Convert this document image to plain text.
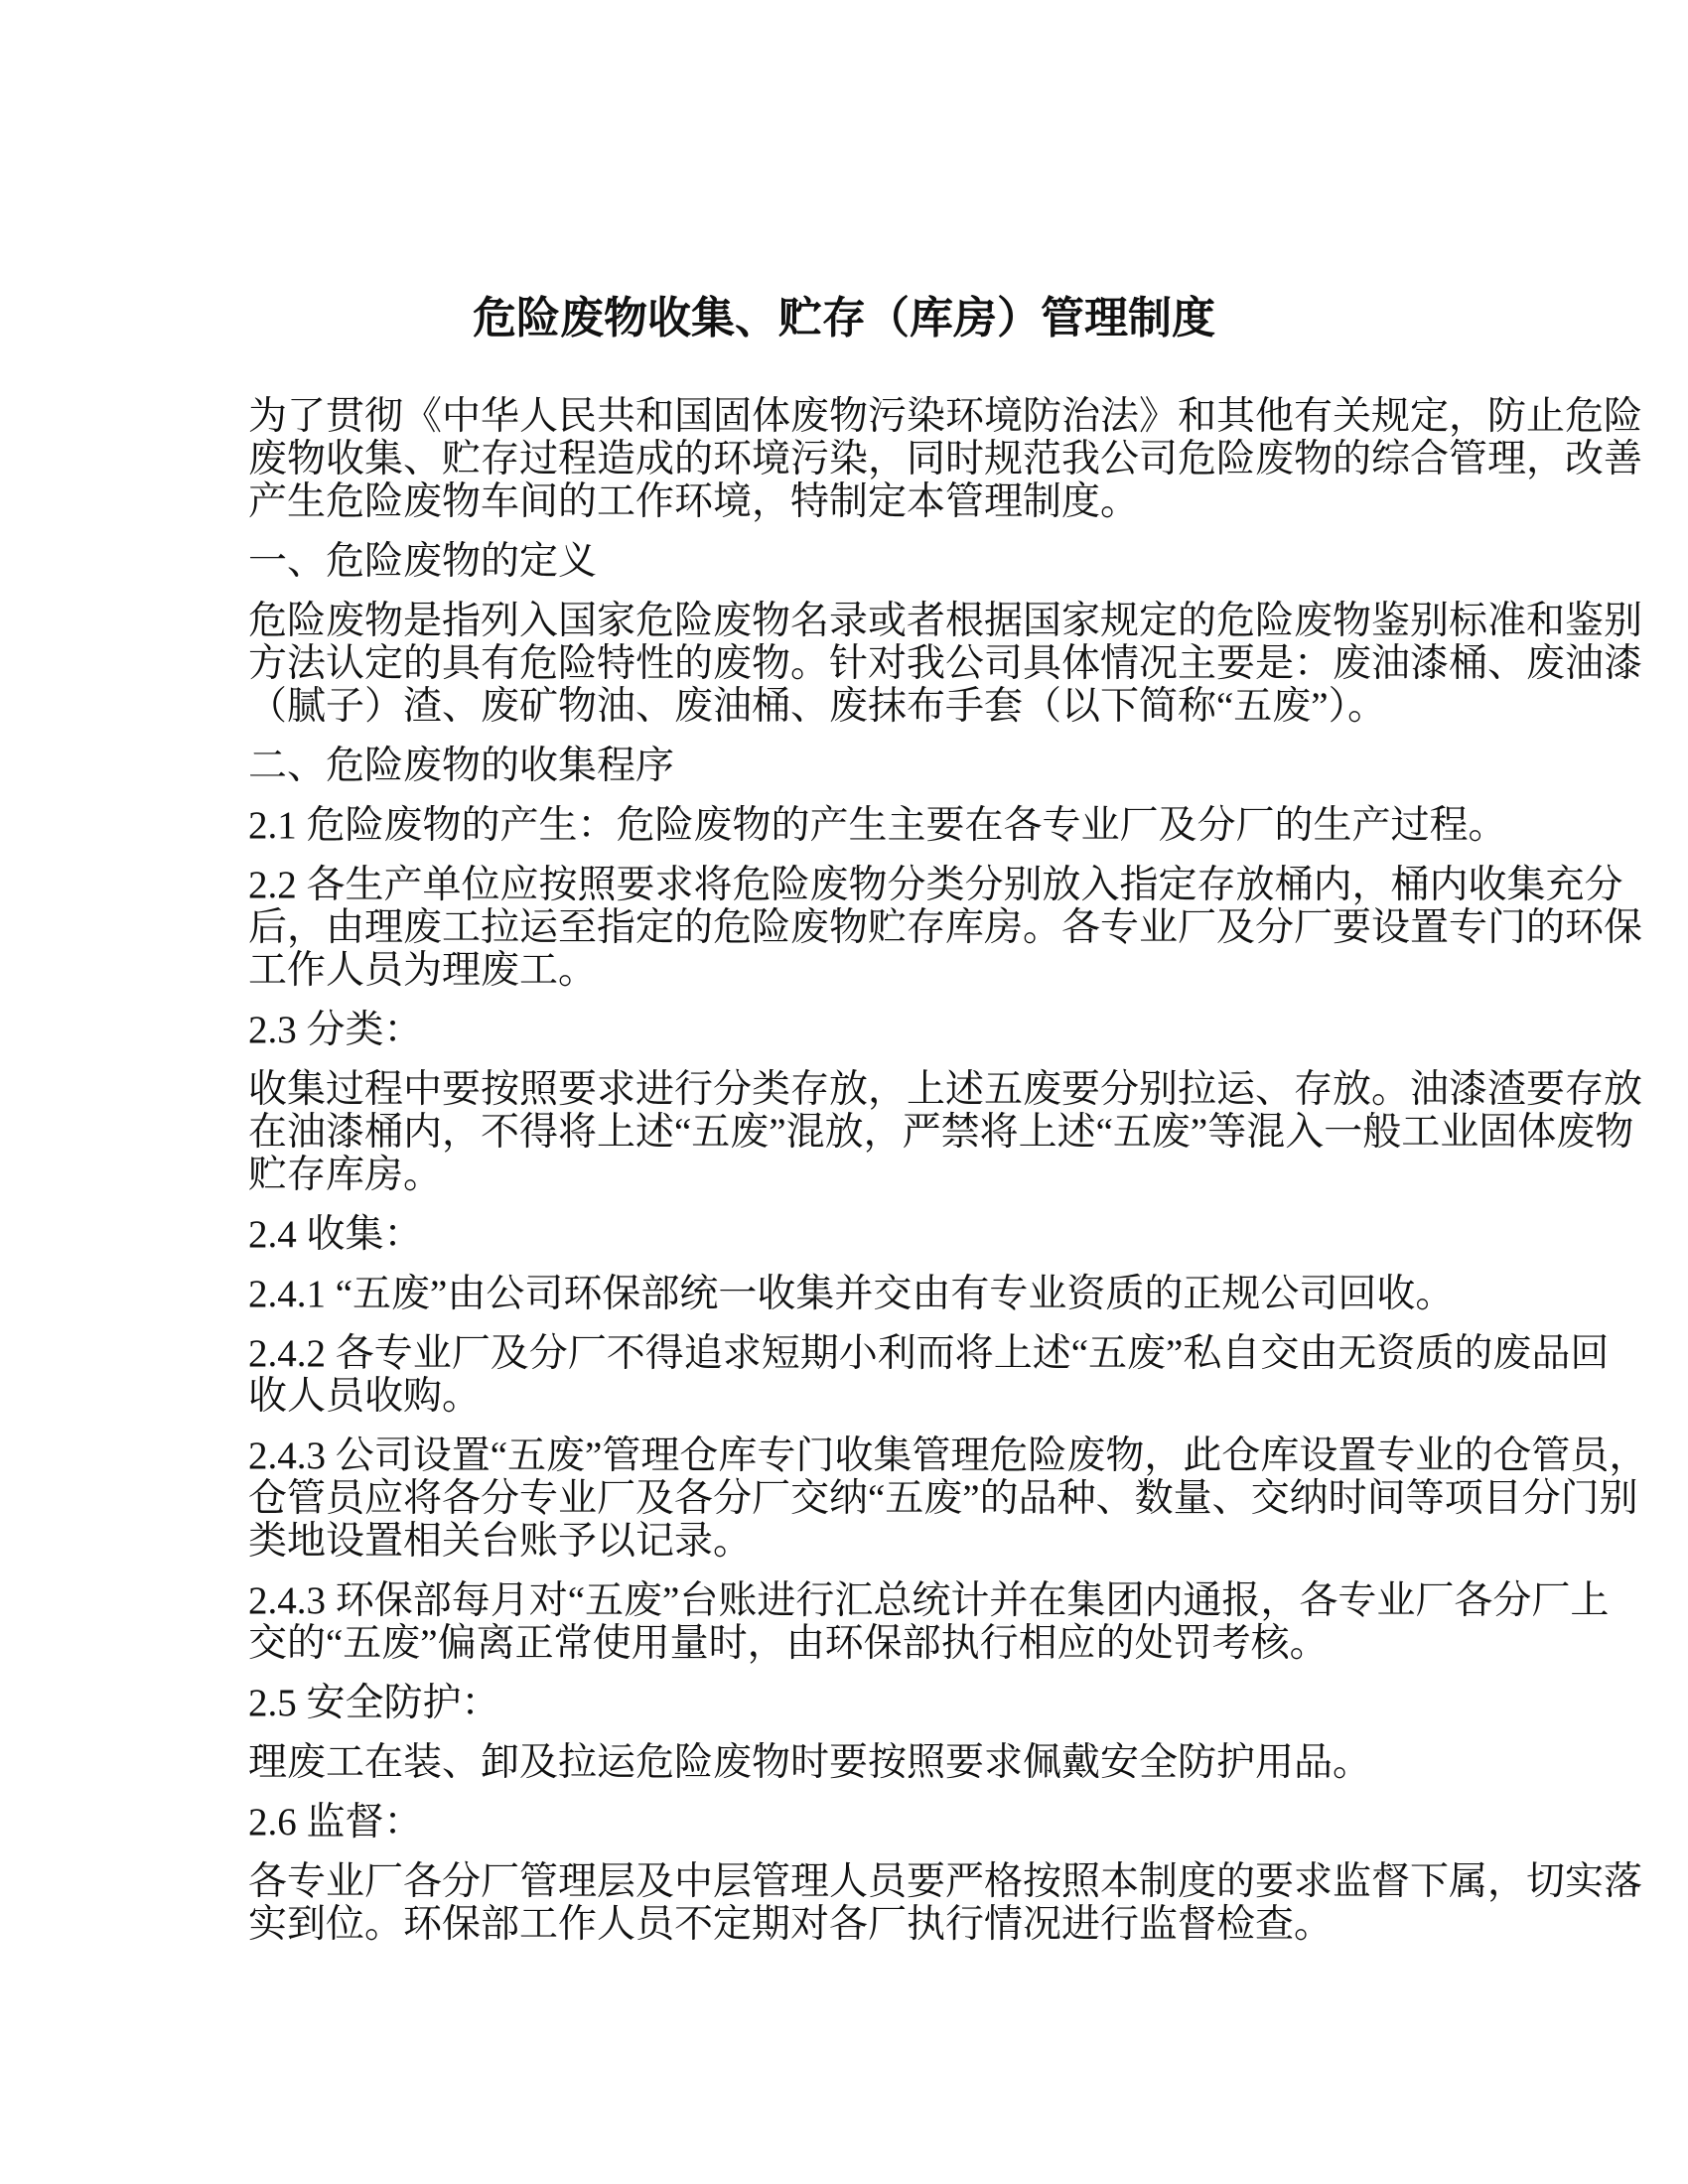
危险废物收集、贮存（库房）管理制度

为了贯彻《中华人民共和国固体废物污染环境防治法》和其他有关规定，防止危险
废物收集、贮存过程造成的环境污染，同时规范我公司危险废物的综合管理，改善
产生危险废物车间的工作环境，特制定本管理制度。

一、危险废物的定义

危险废物是指列入国家危险废物名录或者根据国家规定的危险废物鉴别标准和鉴别
方法认定的具有危险特性的废物。针对我公司具体情况主要是：废油漆桶、废油漆
（腻子）渣、废矿物油、废油桶、废抹布手套（以下简称“五废”）。

二、危险废物的收集程序

2.1 危险废物的产生：危险废物的产生主要在各专业厂及分厂的生产过程。

2.2 各生产单位应按照要求将危险废物分类分别放入指定存放桶内，桶内收集充分
后，由理废工拉运至指定的危险废物贮存库房。各专业厂及分厂要设置专门的环保
工作人员为理废工。

2.3 分类：

收集过程中要按照要求进行分类存放，上述五废要分别拉运、存放。油漆渣要存放
在油漆桶内，不得将上述“五废”混放，严禁将上述“五废”等混入一般工业固体废物
贮存库房。

2.4 收集：

2.4.1 “五废”由公司环保部统一收集并交由有专业资质的正规公司回收。

2.4.2 各专业厂及分厂不得追求短期小利而将上述“五废”私自交由无资质的废品回
收人员收购。

2.4.3 公司设置“五废”管理仓库专门收集管理危险废物，此仓库设置专业的仓管员，
仓管员应将各分专业厂及各分厂交纳“五废”的品种、数量、交纳时间等项目分门别
类地设置相关台账予以记录。

2.4.3 环保部每月对“五废”台账进行汇总统计并在集团内通报，各专业厂各分厂上
交的“五废”偏离正常使用量时，由环保部执行相应的处罚考核。

2.5 安全防护：

理废工在装、卸及拉运危险废物时要按照要求佩戴安全防护用品。

2.6 监督：

各专业厂各分厂管理层及中层管理人员要严格按照本制度的要求监督下属，切实落
实到位。环保部工作人员不定期对各厂执行情况进行监督检查。
